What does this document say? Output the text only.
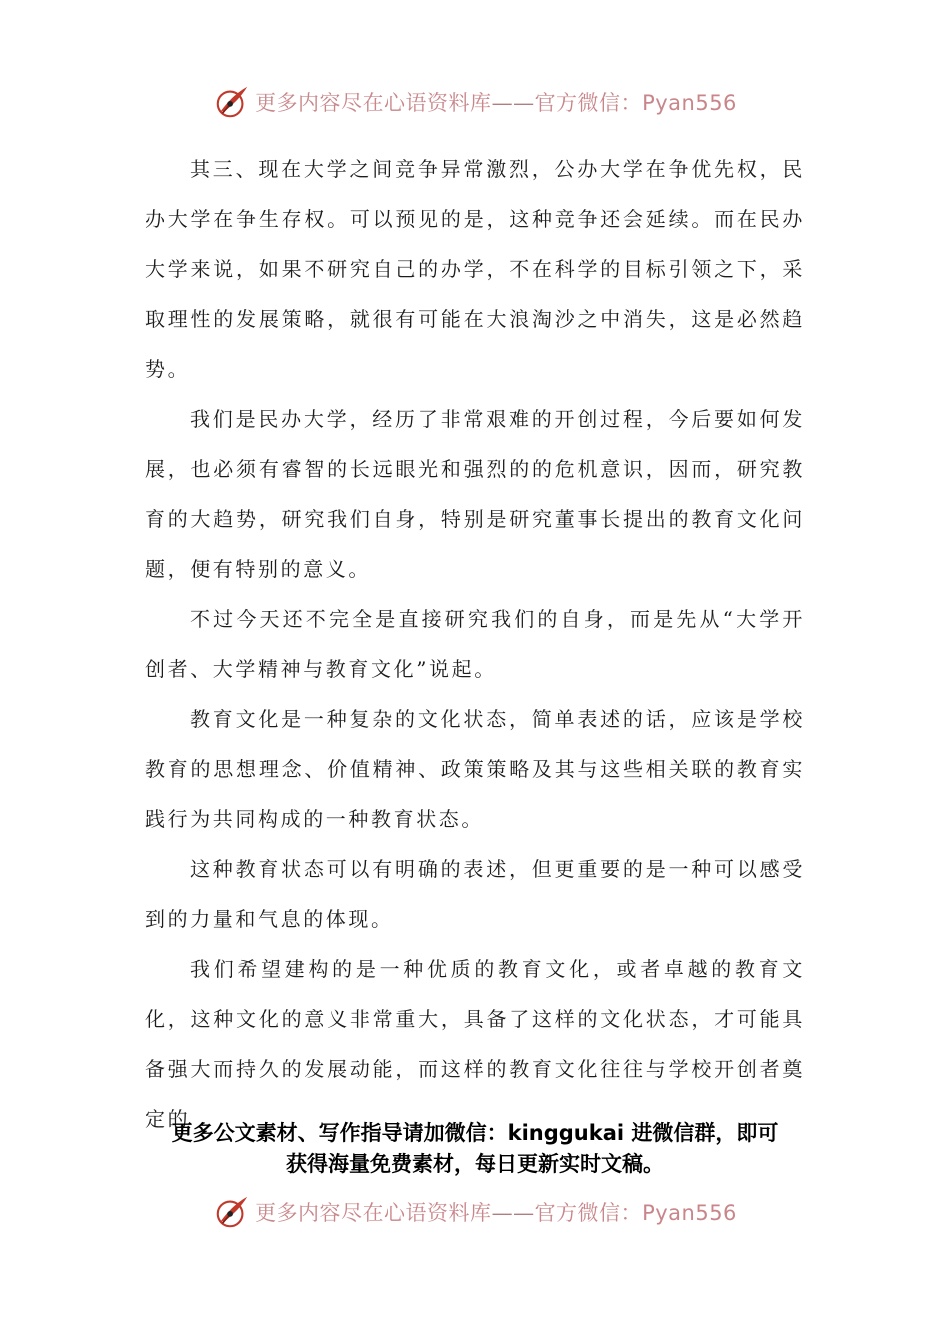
更多内容尽在心语资料库——官方微信：Pyan556

其三、现在大学之间竞争异常激烈，公办大学在争优先权，民办大学在争生存权。可以预见的是，这种竞争还会延续。而在民办大学来说，如果不研究自己的办学，不在科学的目标引领之下，采取理性的发展策略，就很有可能在大浪淘沙之中消失，这是必然趋势。

我们是民办大学，经历了非常艰难的开创过程，今后要如何发展，也必须有睿智的长远眼光和强烈的的危机意识，因而，研究教育的大趋势，研究我们自身，特别是研究董事长提出的教育文化问题，便有特别的意义。

不过今天还不完全是直接研究我们的自身，而是先从“大学开创者、大学精神与教育文化”说起。

教育文化是一种复杂的文化状态，简单表述的话，应该是学校教育的思想理念、价值精神、政策策略及其与这些相关联的教育实践行为共同构成的一种教育状态。

这种教育状态可以有明确的表述，但更重要的是一种可以感受到的力量和气息的体现。

我们希望建构的是一种优质的教育文化，或者卓越的教育文化，这种文化的意义非常重大，具备了这样的文化状态，才可能具备强大而持久的发展动能，而这样的教育文化往往与学校开创者奠定的

更多公文素材、写作指导请加微信：kinggukai 进微信群，即可
获得海量免费素材，每日更新实时文稿。
更多内容尽在心语资料库——官方微信：Pyan556
